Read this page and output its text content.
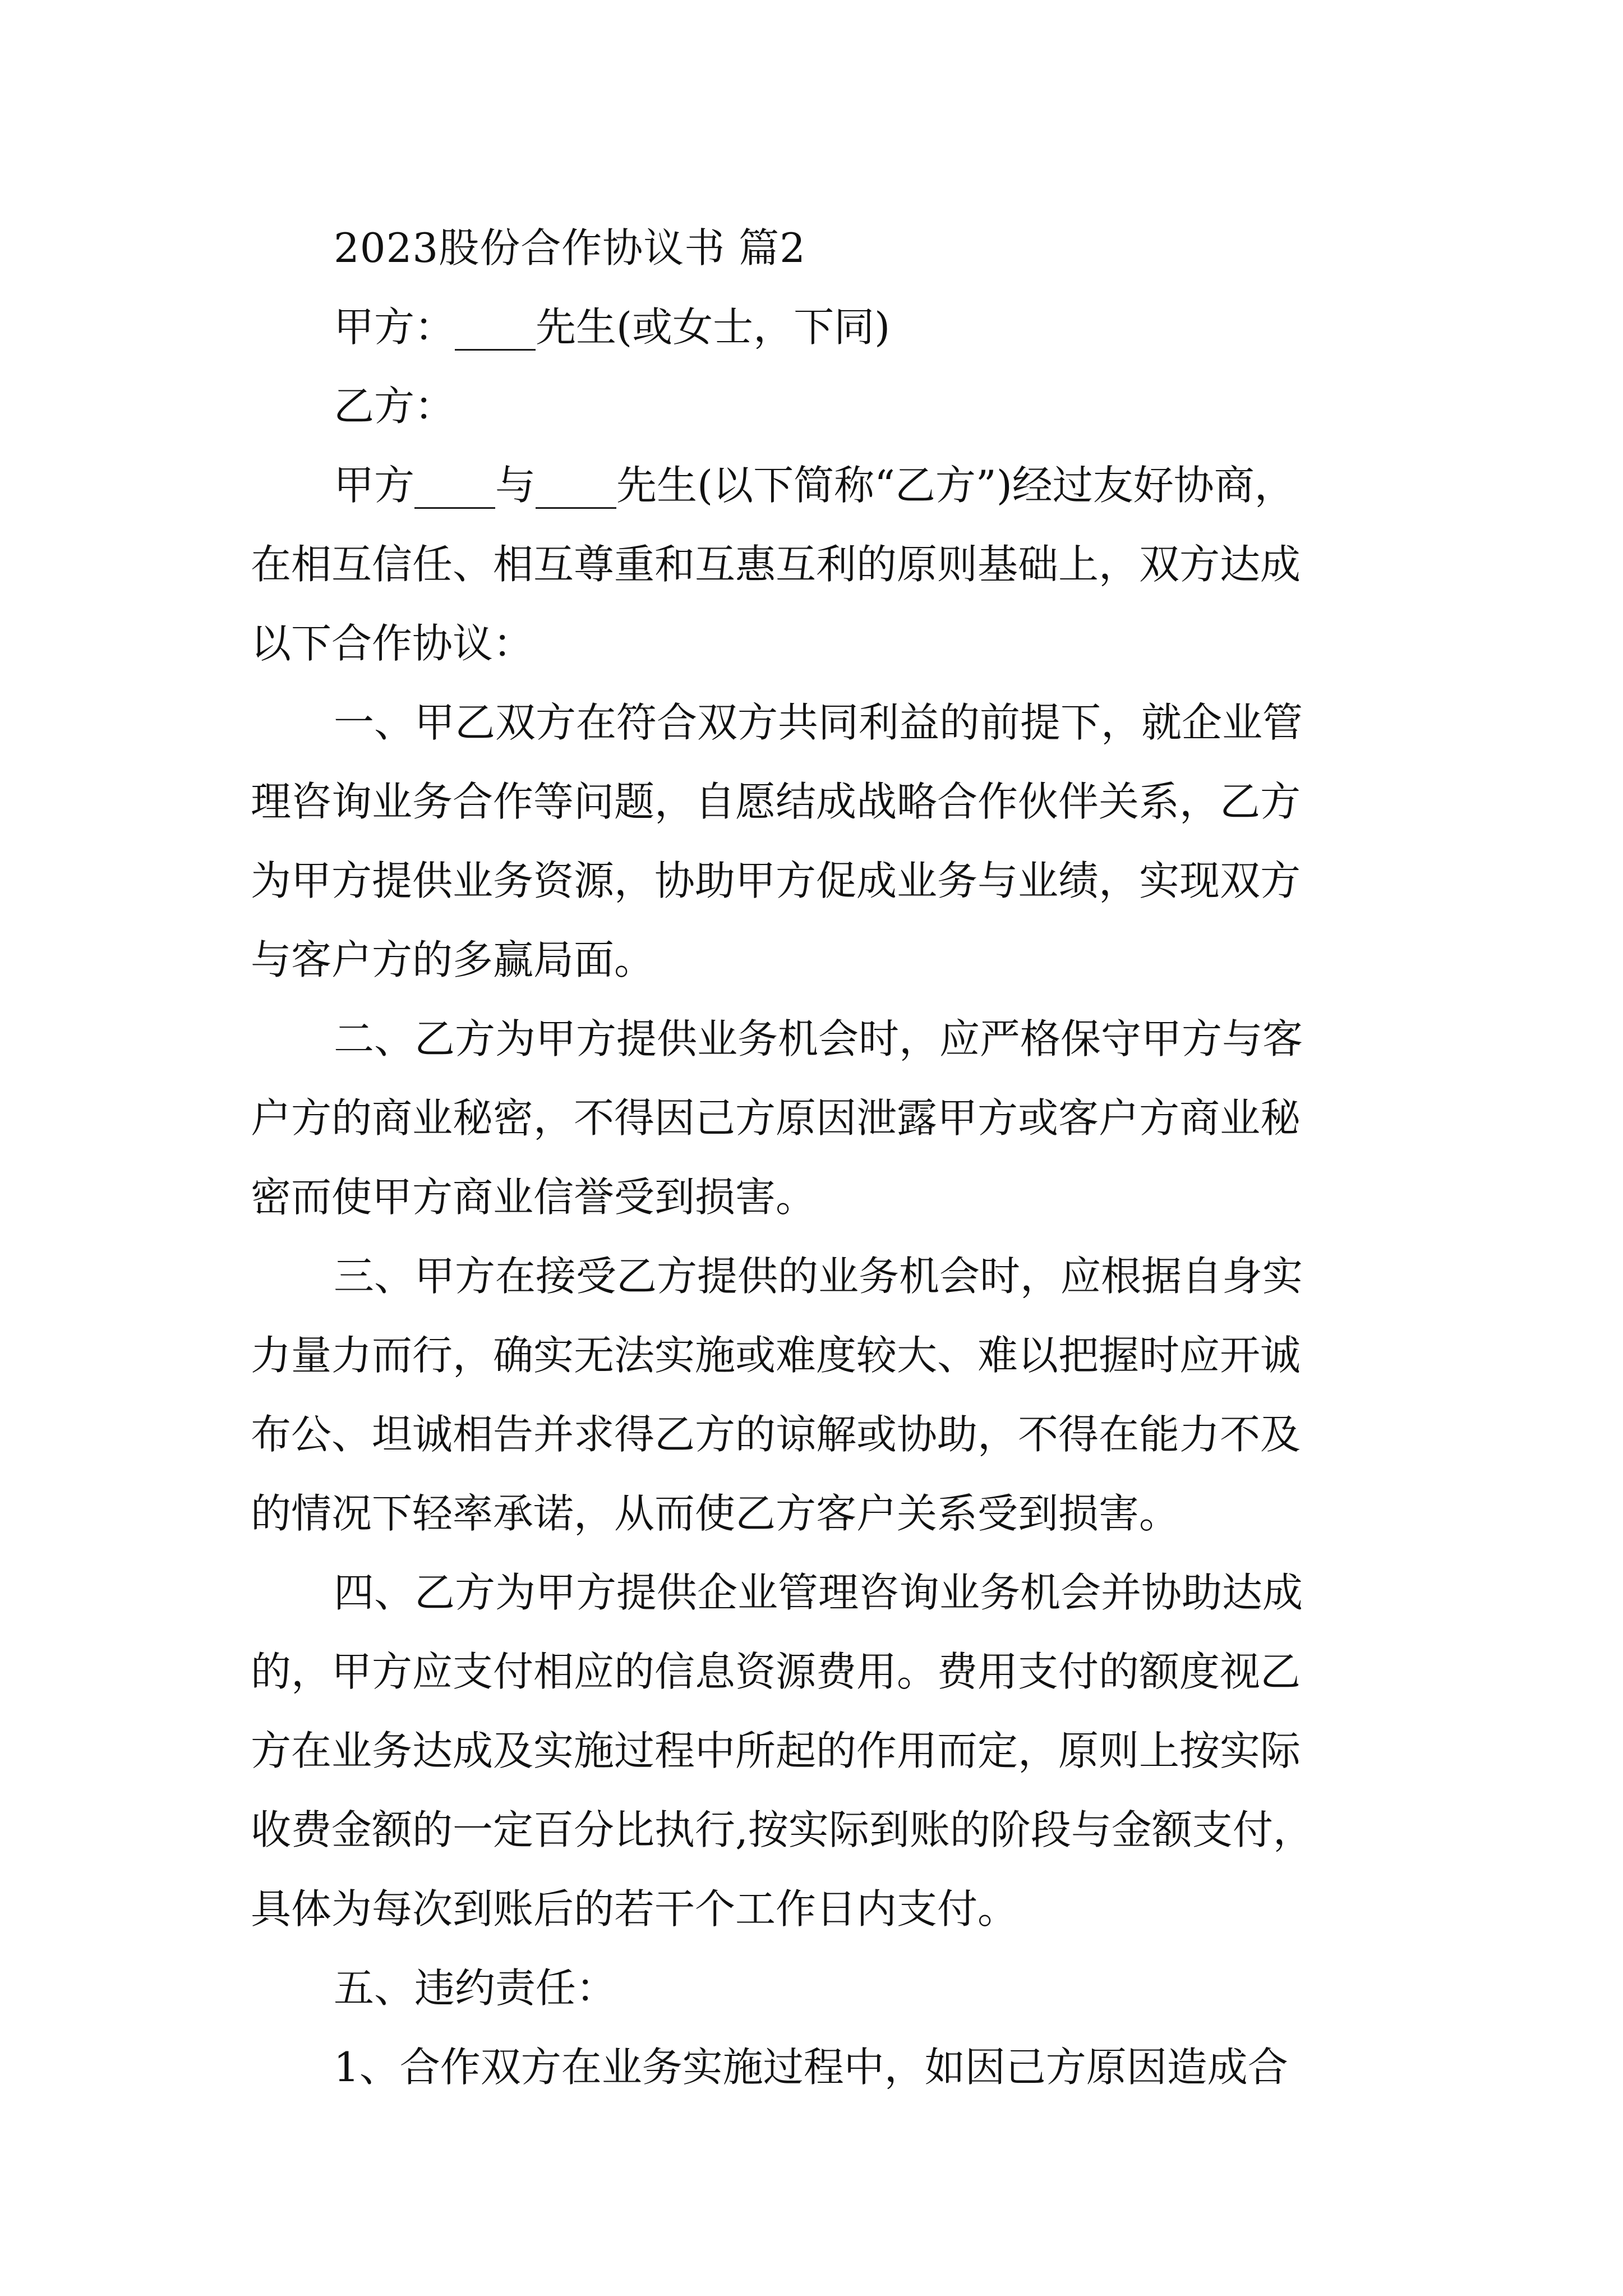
2023股份合作协议书 篇2

甲方：____先生(或女士，下同)

乙方：

甲方____与____先生(以下简称“乙方”)经过友好协商，

在相互信任、相互尊重和互惠互利的原则基础上，双方达成

以下合作协议：

一、甲乙双方在符合双方共同利益的前提下，就企业管

理咨询业务合作等问题，自愿结成战略合作伙伴关系，乙方

为甲方提供业务资源，协助甲方促成业务与业绩，实现双方

与客户方的多赢局面。

二、乙方为甲方提供业务机会时，应严格保守甲方与客

户方的商业秘密，不得因己方原因泄露甲方或客户方商业秘

密而使甲方商业信誉受到损害。

三、甲方在接受乙方提供的业务机会时，应根据自身实

力量力而行，确实无法实施或难度较大、难以把握时应开诚

布公、坦诚相告并求得乙方的谅解或协助，不得在能力不及

的情况下轻率承诺，从而使乙方客户关系受到损害。

四、乙方为甲方提供企业管理咨询业务机会并协助达成

的，甲方应支付相应的信息资源费用。费用支付的额度视乙

方在业务达成及实施过程中所起的作用而定，原则上按实际

收费金额的一定百分比执行,按实际到账的阶段与金额支付，

具体为每次到账后的若干个工作日内支付。

五、违约责任：

1、合作双方在业务实施过程中，如因己方原因造成合
